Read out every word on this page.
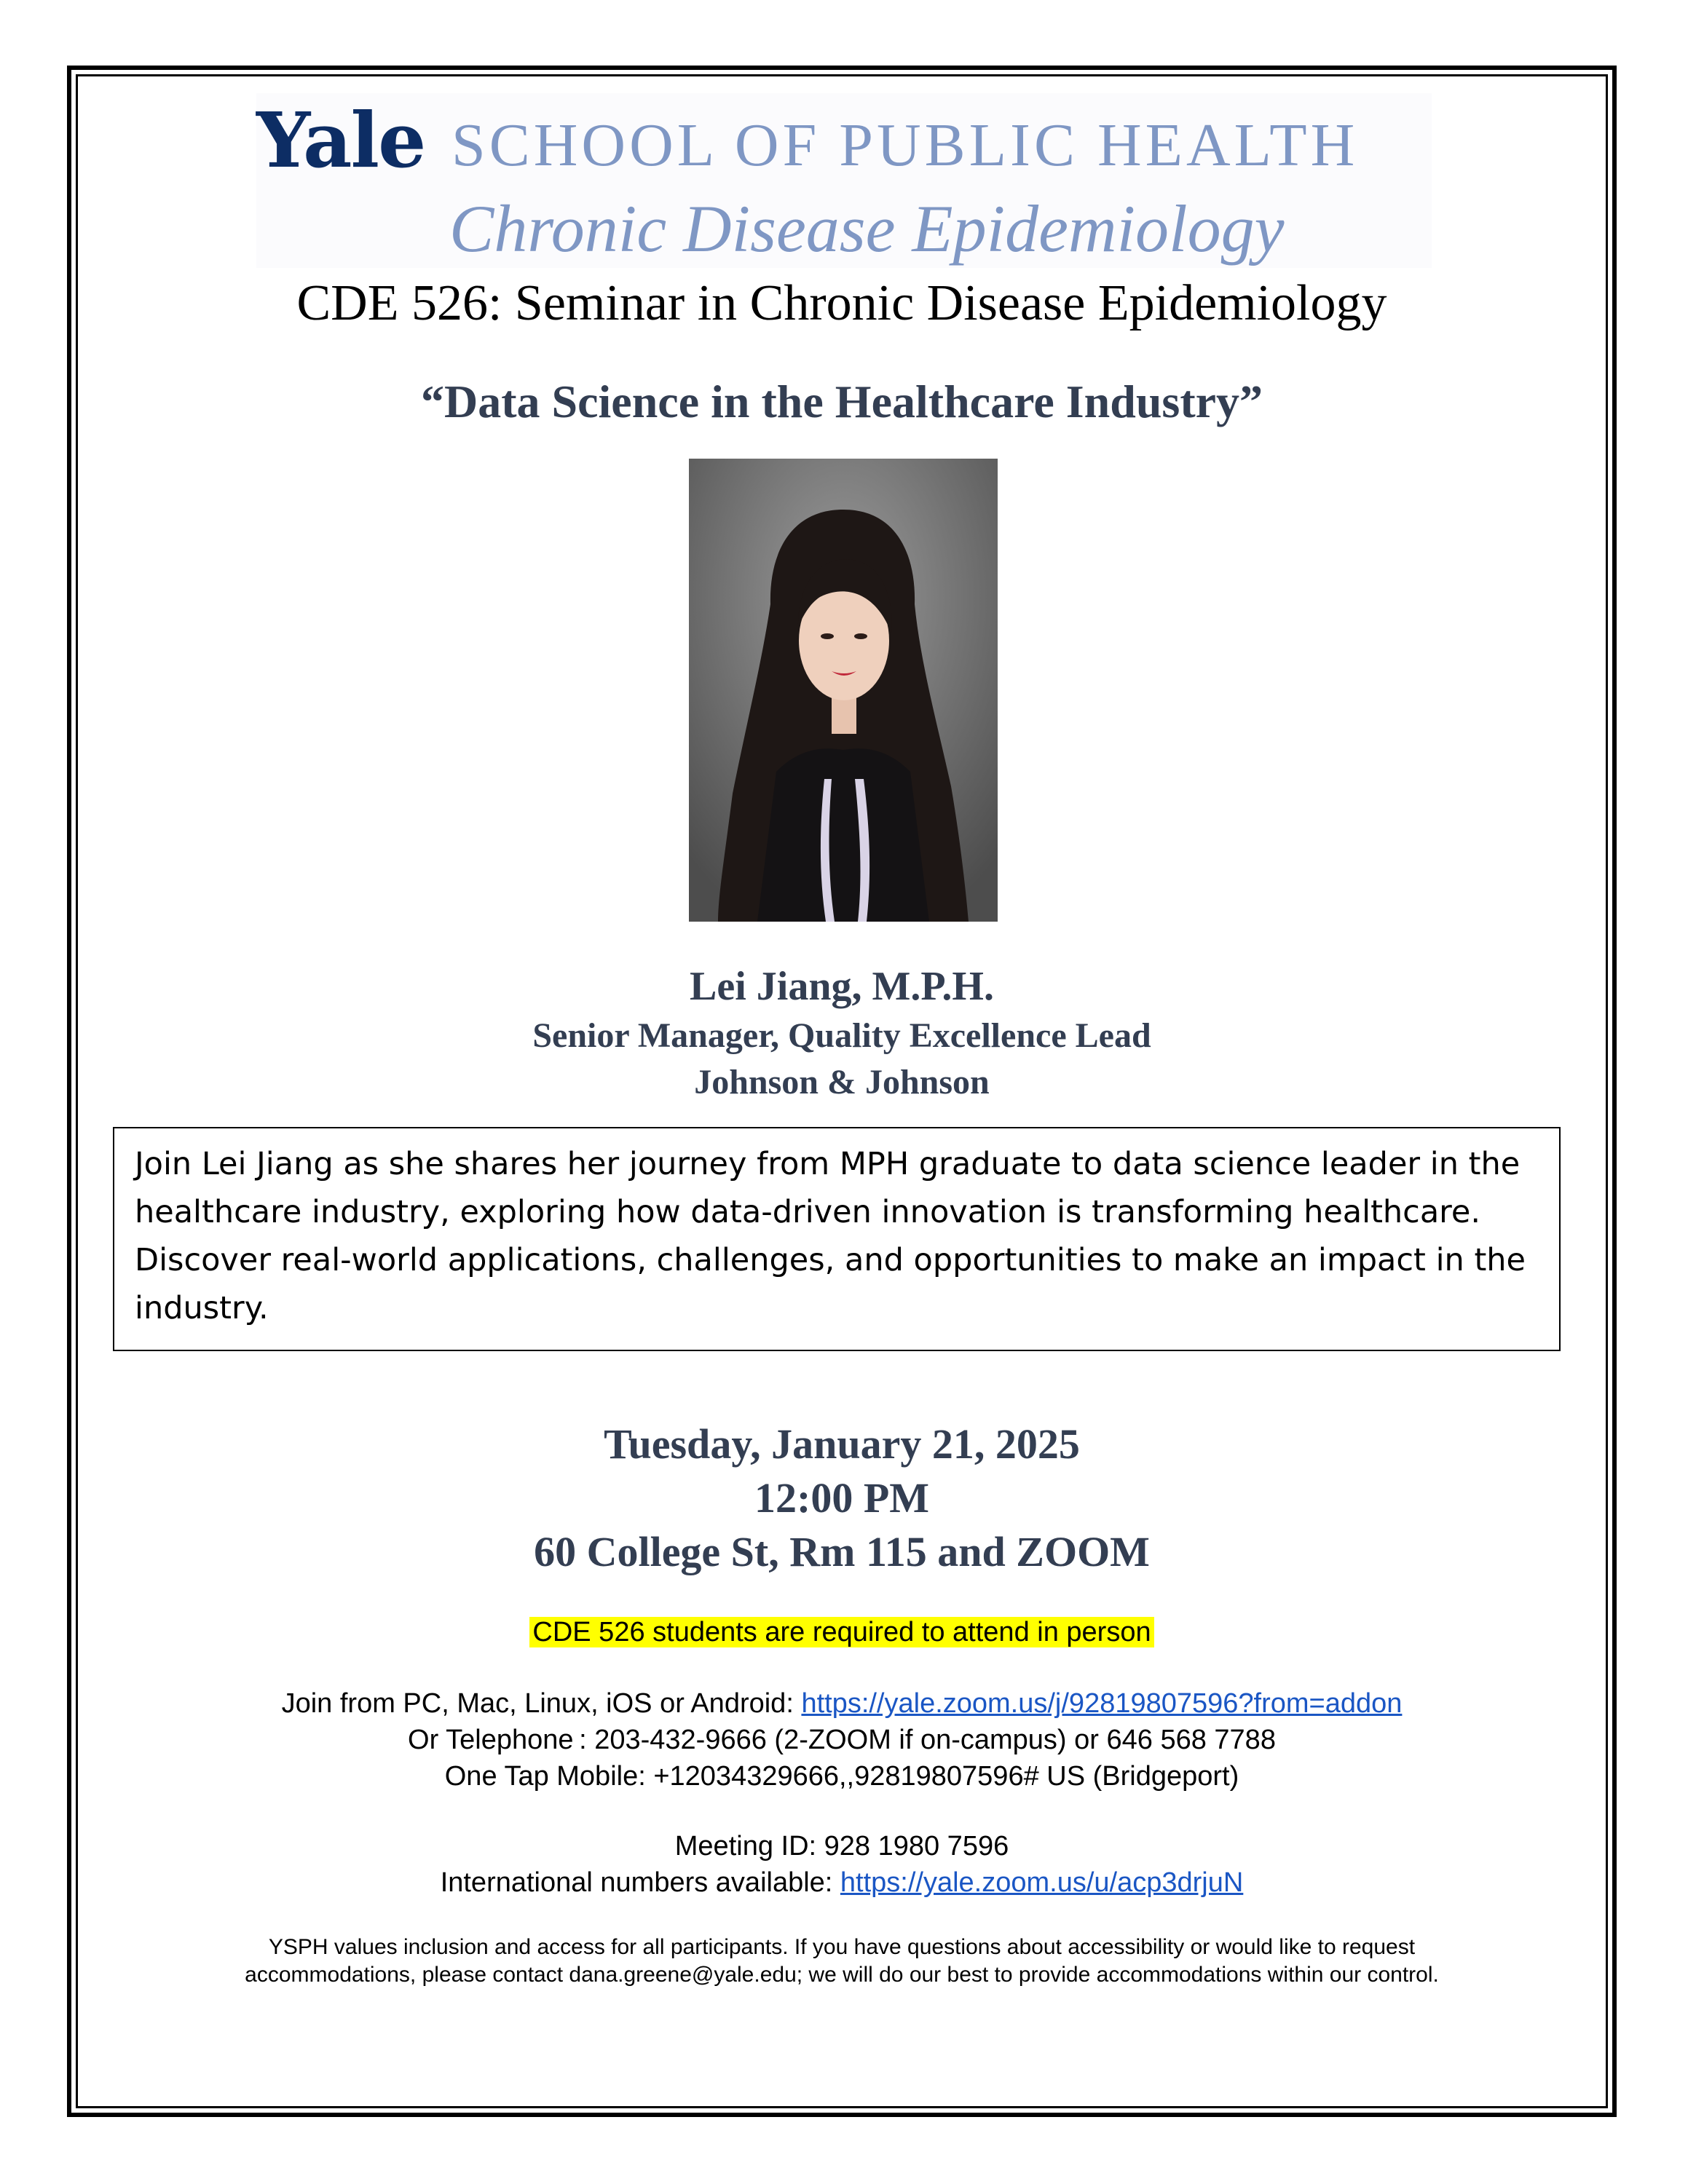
Yale SCHOOL OF PUBLIC HEALTH
Chronic Disease Epidemiology

CDE 526: Seminar in Chronic Disease Epidemiology

“Data Science in the Healthcare Industry”

Lei Jiang, M.P.H.

Senior Manager, Quality Excellence Lead

Johnson & Johnson

Join Lei Jiang as she shares her journey from MPH graduate to data science leader in the healthcare industry, exploring how data-driven innovation is transforming healthcare. Discover real-world applications, challenges, and opportunities to make an impact in the industry.

Tuesday, January 21, 2025

12:00 PM

60 College St, Rm 115 and ZOOM

CDE 526 students are required to attend in person

Join from PC, Mac, Linux, iOS or Android: https://yale.zoom.us/j/92819807596?from=addon

Or Telephone : 203-432-9666 (2-ZOOM if on-campus) or 646 568 7788

One Tap Mobile: +12034329666,,92819807596# US (Bridgeport)

Meeting ID: 928 1980 7596

International numbers available: https://yale.zoom.us/u/acp3drjuN

YSPH values inclusion and access for all participants. If you have questions about accessibility or would like to request

accommodations, please contact dana.greene@yale.edu; we will do our best to provide accommodations within our control.
